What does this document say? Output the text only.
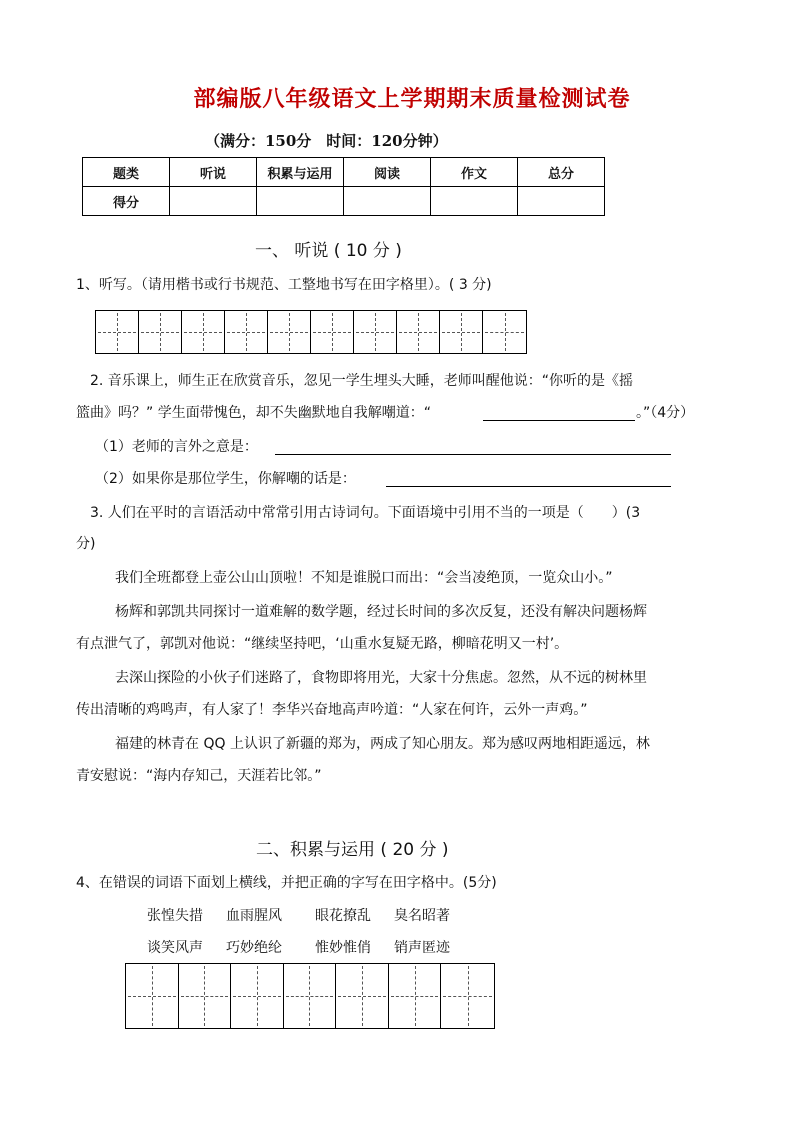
部编版八年级语文上学期期末质量检测试卷
（满分：150分　时间：120分钟）
题类	听说	积累与运用	阅读	作文	总分
得分					
一、 听说 ( 10 分 )
1、听写。（请用楷书或行书规范、工整地书写在田字格里）。( 3 分)
2. 音乐课上，师生正在欣赏音乐，忽见一学生埋头大睡，老师叫醒他说：“你听的是《摇
篮曲》吗？” 学生面带愧色，却不失幽默地自我解嘲道：“	。”（4分）
（1）老师的言外之意是：
（2）如果你是那位学生，你解嘲的话是：
3. 人们在平时的言语活动中常常引用古诗词句。下面语境中引用不当的一项是（　　）(3
分)
我们全班都登上壶公山山顶啦！不知是谁脱口而出：“会当凌绝顶，一览众山小。”
杨辉和郭凯共同探讨一道难解的数学题，经过长时间的多次反复，还没有解决问题杨辉
有点泄气了，郭凯对他说：“继续坚持吧，‘山重水复疑无路，柳暗花明又一村’。
去深山探险的小伙子们迷路了，食物即将用光，大家十分焦虑。忽然，从不远的树林里
传出清晰的鸡鸣声，有人家了！李华兴奋地高声吟道：“人家在何许，云外一声鸡。”
福建的林青在 QQ 上认识了新疆的郑为，两成了知心朋友。郑为感叹两地相距遥远，林
青安慰说：“海内存知己，天涯若比邻。”
二、积累与运用 ( 20 分 )
4、在错误的词语下面划上横线，并把正确的字写在田字格中。(5分)
张惶失措 血雨腥风 眼花撩乱 臭名昭著
谈笑风声 巧妙绝纶 惟妙惟俏 销声匿迹
